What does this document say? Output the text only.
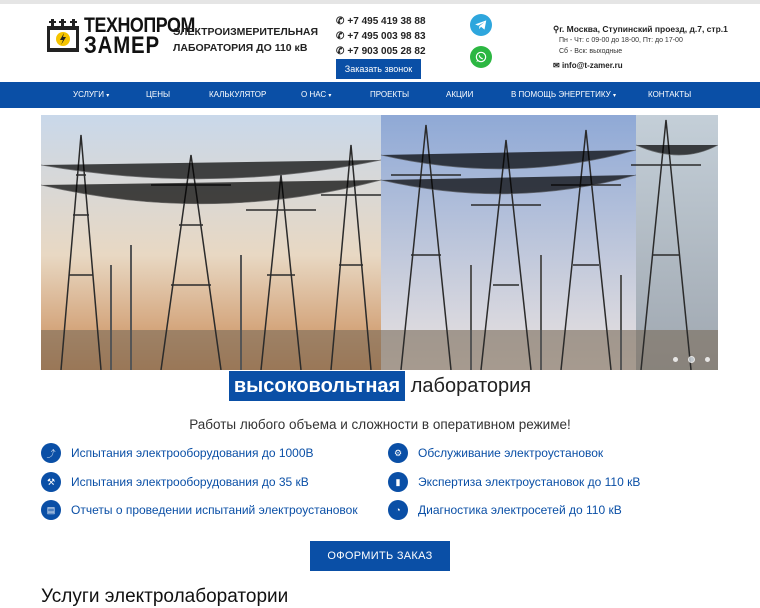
ТЕХНОПРОМ
ЗАМЕР	ЭЛЕКТРОИЗМЕРИТЕЛЬНАЯ
ЛАБОРАТОРИЯ ДО 110 кВ
✆ +7 495 419 38 88
✆ +7 495 003 98 83
✆ +7 903 005 28 82
Заказать звонок
⚲г. Москва, Ступинский проезд, д.7, стр.1
Пн - Чт: с 09-00 до 18-00, Пт: до 17-00
Сб - Вск: выходные
✉ info@t-zamer.ru
УСЛУГИ ▾	ЦЕНЫ	КАЛЬКУЛЯТОР	О НАС ▾	ПРОЕКТЫ	АКЦИИ	В ПОМОЩЬ ЭНЕРГЕТИКУ ▾	КОНТАКТЫ
высоковольтная лаборатория
Работы любого объема и сложности в оперативном режиме!
⤴	Испытания электрооборудования до 1000В	⚙	Обслуживание электроустановок
⚒	Испытания электрооборудования до 35 кВ	▮	Экспертиза электроустановок до 110 кВ
▤	Отчеты о проведении испытаний электроустановок	◔	Диагностика электросетей до 110 кВ
ОФОРМИТЬ ЗАКАЗ
Услуги электролаборатории
